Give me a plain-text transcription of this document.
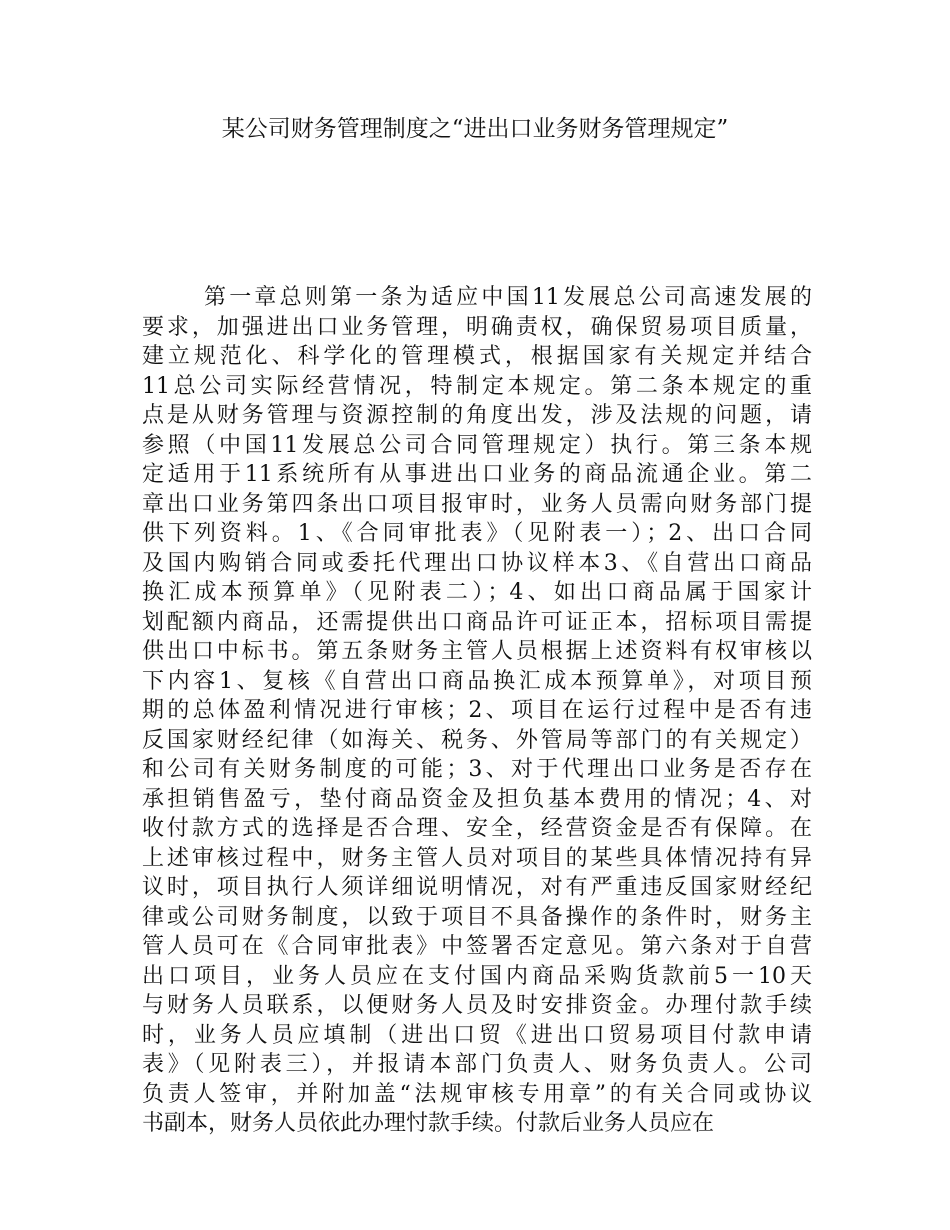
某公司财务管理制度之“进出口业务财务管理规定”
第一章总则第一条为适应中国11发展总公司高速发展的
要求，加强进出口业务管理，明确责权，确保贸易项目质量，
建立规范化、科学化的管理模式，根据国家有关规定并结合
11总公司实际经营情况，特制定本规定。第二条本规定的重
点是从财务管理与资源控制的角度出发，涉及法规的问题，请
参照（中国11发展总公司合同管理规定）执行。第三条本规
定适用于11系统所有从事进出口业务的商品流通企业。第二
章出口业务第四条出口项目报审时，业务人员需向财务部门提
供下列资料。1、《合同审批表》（见附表一）；2、出口合同
及国内购销合同或委托代理出口协议样本3、《自营出口商品
换汇成本预算单》（见附表二）；4、如出口商品属于国家计
划配额内商品，还需提供出口商品许可证正本，招标项目需提
供出口中标书。第五条财务主管人员根据上述资料有权审核以
下内容1、复核《自营出口商品换汇成本预算单》，对项目预
期的总体盈利情况进行审核；2、项目在运行过程中是否有违
反国家财经纪律（如海关、税务、外管局等部门的有关规定）
和公司有关财务制度的可能；3、对于代理出口业务是否存在
承担销售盈亏，垫付商品资金及担负基本费用的情况；4、对
收付款方式的选择是否合理、安全，经营资金是否有保障。在
上述审核过程中，财务主管人员对项目的某些具体情况持有异
议时，项目执行人须详细说明情况，对有严重违反国家财经纪
律或公司财务制度，以致于项目不具备操作的条件时，财务主
管人员可在《合同审批表》中签署否定意见。第六条对于自营
出口项目，业务人员应在支付国内商品采购货款前5一10天
与财务人员联系，以便财务人员及时安排资金。办理付款手续
时，业务人员应填制（进出口贸《进出口贸易项目付款申请
表》（见附表三），并报请本部门负责人、财务负责人。公司
负责人签审，并附加盖“法规审核专用章”的有关合同或协议
书副本，财务人员依此办理忖款手续。付款后业务人员应在
